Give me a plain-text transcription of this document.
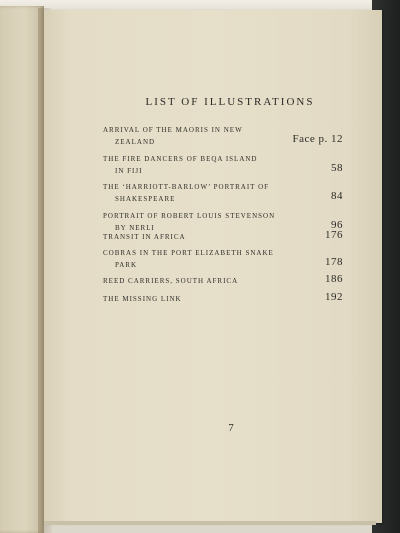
LIST OF ILLUSTRATIONS
ARRIVAL OF THE MAORIS IN NEW
ZEALAND	Face p. 12
THE FIRE DANCERS OF BEQA ISLAND
IN FIJI	58
THE ‘HARRIOTT-BARLOW’ PORTRAIT OF
SHAKESPEARE	84
PORTRAIT OF ROBERT LOUIS STEVENSON
BY NERLI	96
TRANSIT IN AFRICA	176
COBRAS IN THE PORT ELIZABETH SNAKE
PARK	178
REED CARRIERS, SOUTH AFRICA	186
THE MISSING LINK	192
7
